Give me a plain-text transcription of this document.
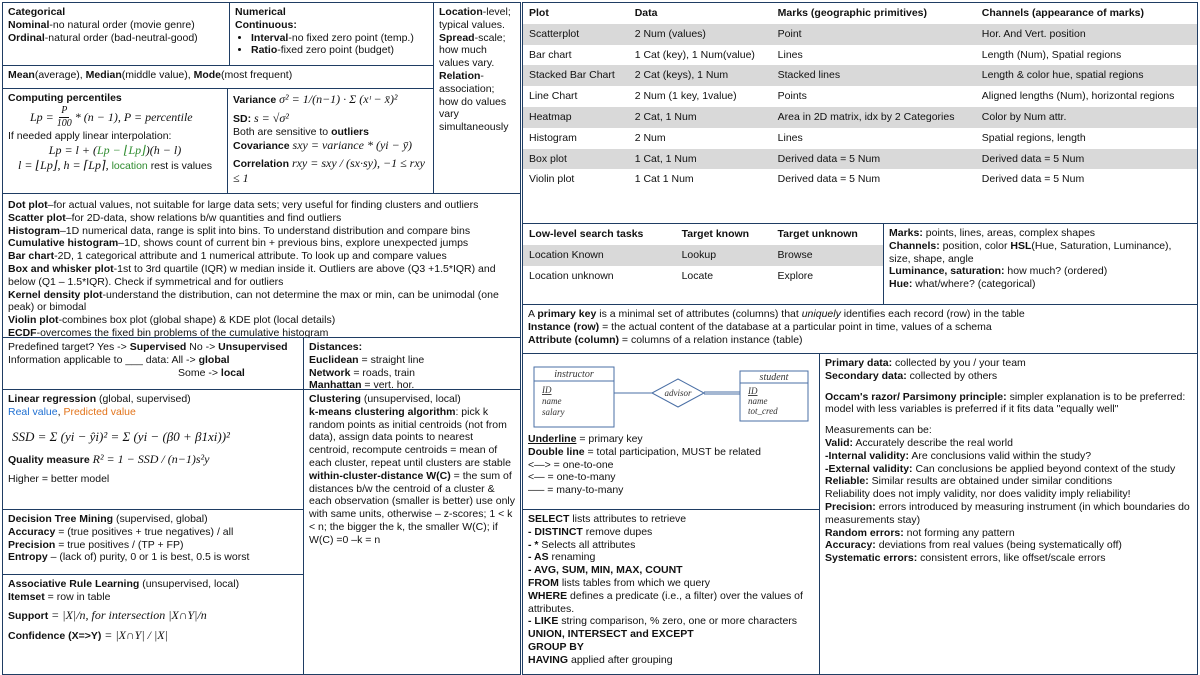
Categorical
Nominal-no natural order (movie genre)
Ordinal-natural order (bad-neutral-good)
Numerical
Continuous:
• Interval-no fixed zero point (temp.)
• Ratio-fixed zero point (budget)
Location-level; typical values.
Spread-scale; how much values vary.
Relation-association; how do values vary simultaneously
Mean(average), Median(middle value), Mode(most frequent)
Computing percentiles
$Lp = \frac{P}{100} * (n - 1)$, P = percentile
If needed apply linear interpolation:
Lp = l + (Lp − ⌊Lp⌋)(h − l)
l = ⌊Lp⌋, h = ⌈Lp⌉, location rest is values
Variance σ² = 1/(n−1) · Σ (xᶦ − x̄)²
SD: s = √σ²
Both are sensitive to outliers
Covariance sxy = variance * (yi − ȳ)
Correlation rxy = sxy / (sx·sy), −1 ≤ rxy ≤ 1
Dot plot–for actual values, not suitable for large data sets; very useful for finding clusters and outliers
Scatter plot–for 2D-data, show relations b/w quantities and find outliers
Histogram–1D numerical data, range is split into bins. To understand distribution and compare bins
Cumulative histogram–1D, shows count of current bin + previous bins, explore unexpected jumps
Bar chart-2D, 1 categorical attribute and 1 numerical attribute. To look up and compare values
Box and whisker plot-1st to 3rd quartile (IQR) w median inside it. Outliers are above (Q3 +1.5*IQR) and below (Q1 – 1.5*IQR). Check if symmetrical and for outliers
Kernel density plot-understand the distribution, can not determine the max or min, can be unimodal (one peak) or bimodal
Violin plot-combines box plot (global shape) & KDE plot (local details)
ECDF-overcomes the fixed bin problems of the cumulative histogram
Predefined target? Yes -> Supervised No -> Unsupervised
Information applicable to ___ data: All -> global
Some -> local
Distances:
Euclidean = straight line
Network = roads, train
Manhattan = vert. hor.
Linear regression (global, supervised)
Real value, Predicted value
SSD = Σ (yi − ŷi)² = Σ (yi − (β0 + β1xi))²
Quality measure R² = 1 − SSD / (n−1)s²y
Higher = better model
Clustering (unsupervised, local)
k-means clustering algorithm: pick k random points as initial centroids (not from data), assign data points to nearest centroid, recompute centroids = mean of each cluster, repeat until clusters are stable
within-cluster-distance W(C) = the sum of distances b/w the centroid of a cluster & each observation (smaller is better) use only with same units, otherwise – z-scores; 1 < k < n; the bigger the k, the smaller W(C); if W(C) =0 –k = n
Decision Tree Mining (supervised, global)
Accuracy = (true positives + true negatives) / all
Precision = true positives / (TP + FP)
Entropy – (lack of) purity, 0 or 1 is best, 0.5 is worst
Associative Rule Learning (unsupervised, local)
Itemset = row in table
Support = |X|/n, for intersection |X∩Y|/n
Confidence (X=>Y) = |X∩Y| / |X|
Plot	Data	Marks (geographic primitives)	Channels (appearance of marks)
Scatterplot	2 Num (values)	Point	Hor. And Vert. position
Bar chart	1 Cat (key), 1 Num(value)	Lines	Length (Num), Spatial regions
Stacked Bar Chart	2 Cat (keys), 1 Num	Stacked lines	Length & color hue, spatial regions
Line Chart	2 Num (1 key, 1value)	Points	Aligned lengths (Num), horizontal regions
Heatmap	2 Cat, 1 Num	Area in 2D matrix, idx by 2 Categories	Color by Num attr.
Histogram	2 Num	Lines	Spatial regions, length
Box plot	1 Cat, 1 Num	Derived data = 5 Num	Derived data = 5 Num
Violin plot	1 Cat 1 Num	Derived data = 5 Num	Derived data = 5 Num
Low-level search tasks	Target known	Target unknown
Location Known	Lookup	Browse
Location unknown	Locate	Explore
Marks: points, lines, areas, complex shapes
Channels: position, color HSL(Hue, Saturation, Luminance), size, shape, angle
Luminance, saturation: how much? (ordered)
Hue: what/where? (categorical)
A primary key is a minimal set of attributes (columns) that uniquely identifies each record (row) in the table
Instance (row) = the actual content of the database at a particular point in time, values of a schema
Attribute (column) = columns of a relation instance (table)
instructor
ID
name
salary
advisor
student
ID
name
tot_cred
Underline = primary key
Double line = total participation, MUST be related
<—> = one-to-one
<— = one-to-many
—– = many-to-many
SELECT lists attributes to retrieve
- DISTINCT remove dupes
- * Selects all attributes
- AS renaming
- AVG, SUM, MIN, MAX, COUNT
FROM lists tables from which we query
WHERE defines a predicate (i.e., a filter) over the values of attributes.
- LIKE string comparison, % zero, one or more characters
UNION, INTERSECT and EXCEPT
GROUP BY
HAVING applied after grouping
Primary data: collected by you / your team
Secondary data: collected by others
Occam's razor/ Parsimony principle: simpler explanation is to be preferred: model with less variables is preferred if it fits data "equally well"
Measurements can be:
Valid: Accurately describe the real world
-Internal validity: Are conclusions valid within the study?
-External validity: Can conclusions be applied beyond context of the study
Reliable: Similar results are obtained under similar conditions
Reliability does not imply validity, nor does validity imply reliability!
Precision: errors introduced by measuring instrument (in which boundaries do measurements stay)
Random errors: not forming any pattern
Accuracy: deviations from real values (being systematically off)
Systematic errors: consistent errors, like offset/scale errors
